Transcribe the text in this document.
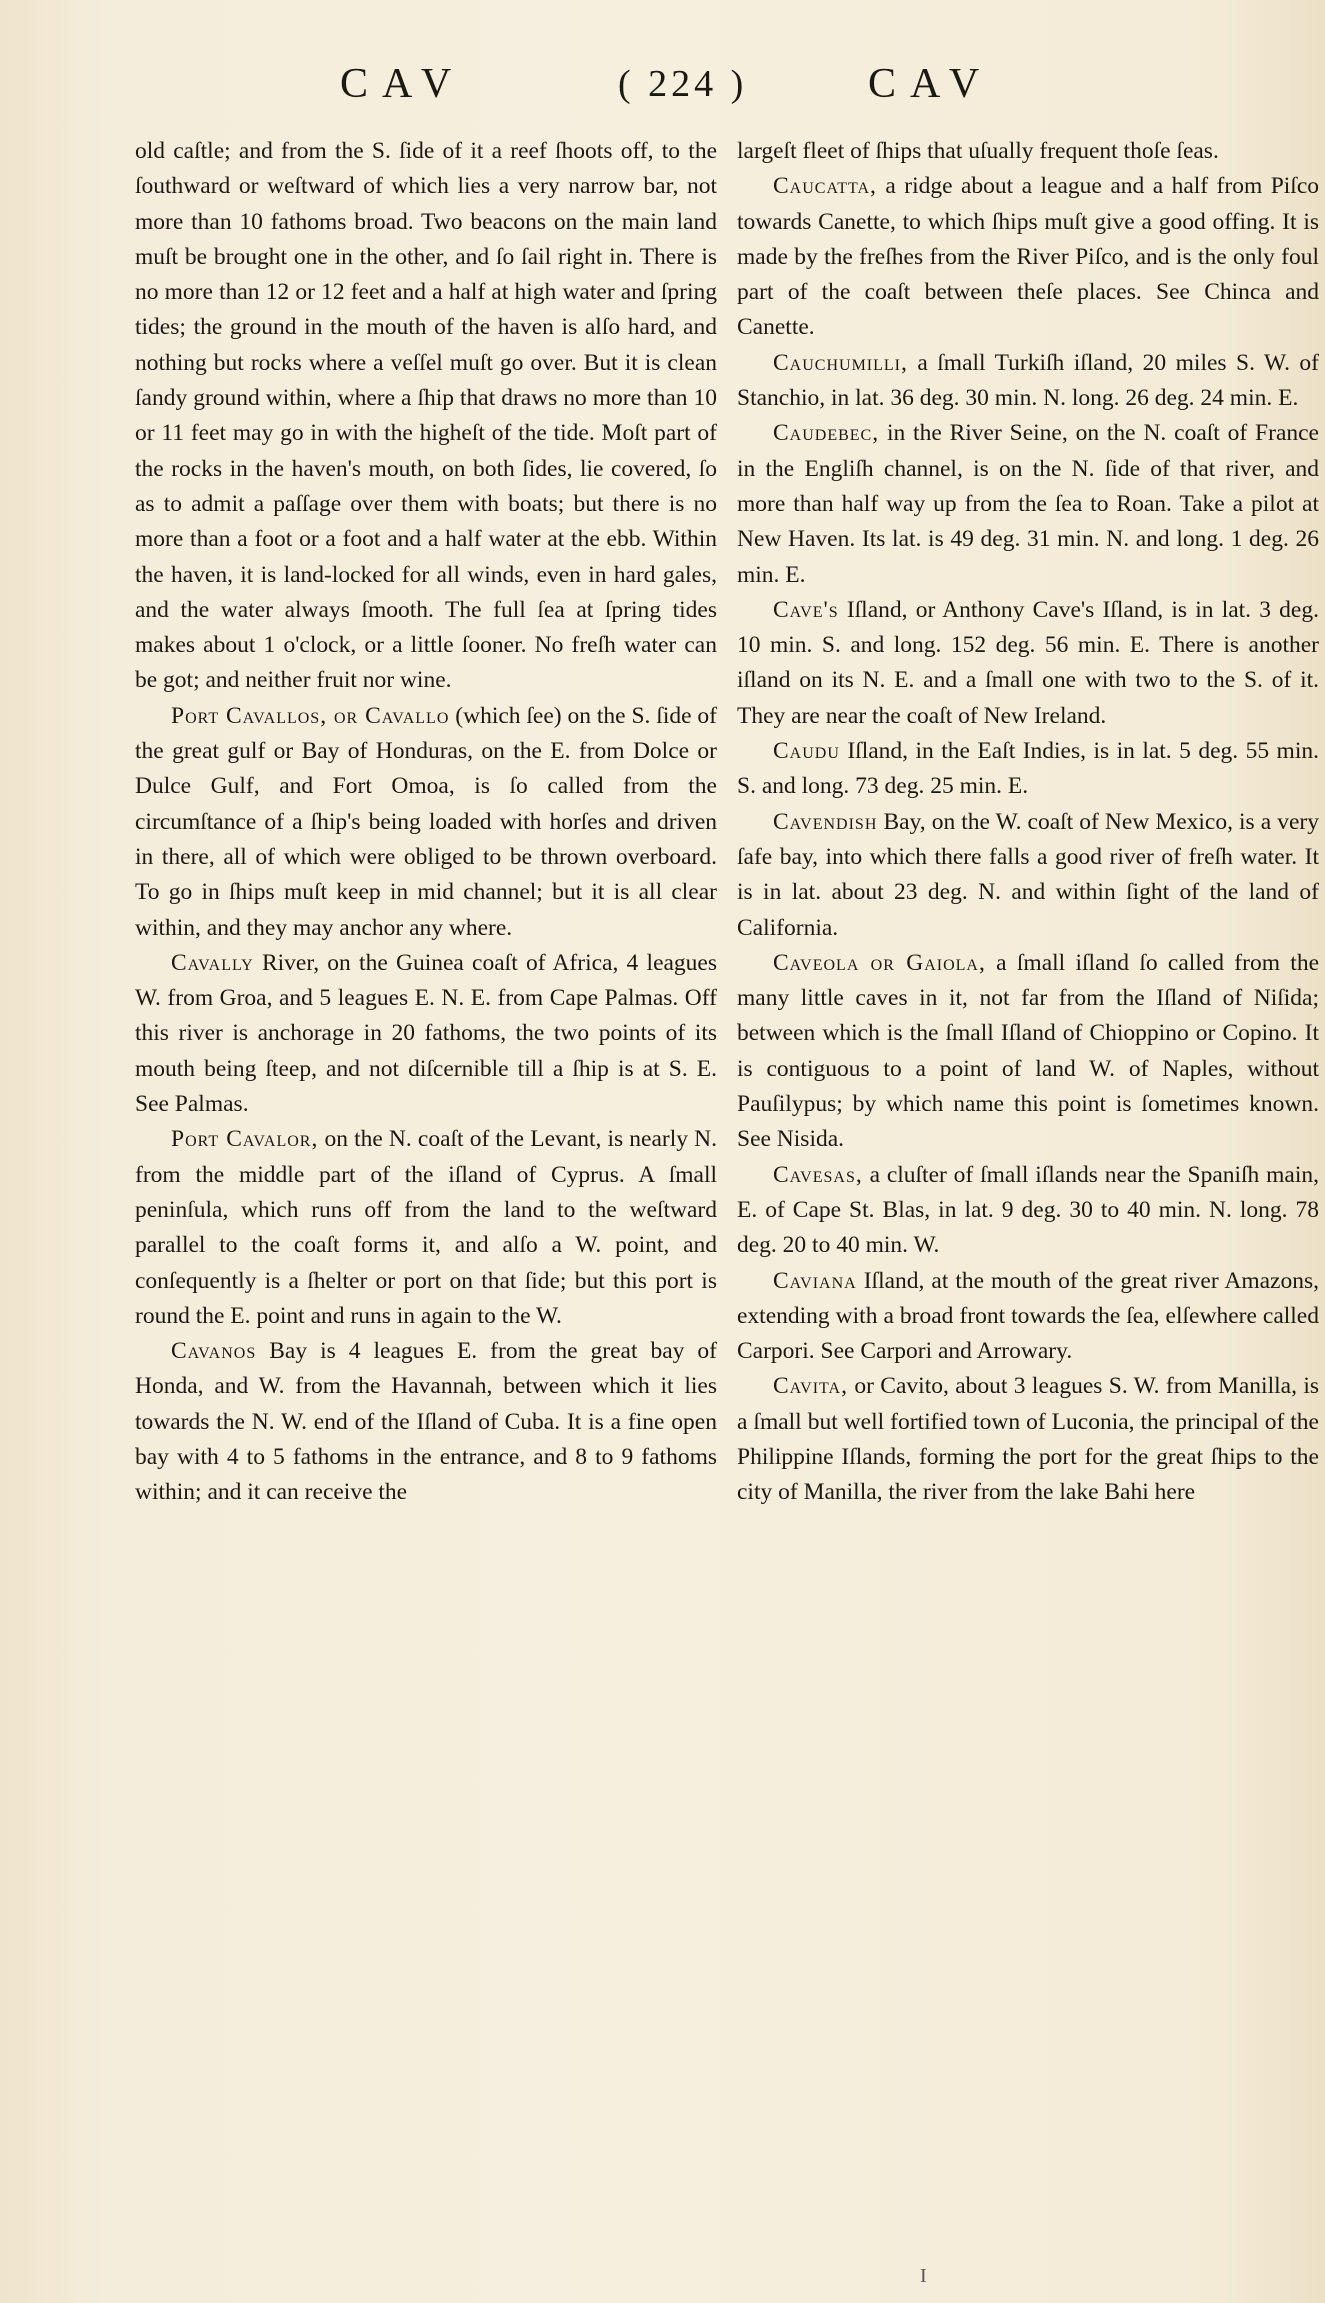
CAV	( 224 )	CAV

old caſtle; and from the S. ſide of it a reef ſhoots off, to the ſouthward or weſtward of which lies a very narrow bar, not more than 10 fathoms broad. Two beacons on the main land muſt be brought one in the other, and ſo ſail right in. There is no more than 12 or 12 feet and a half at high water and ſpring tides; the ground in the mouth of the haven is alſo hard, and nothing but rocks where a veſſel muſt go over. But it is clean ſandy ground within, where a ſhip that draws no more than 10 or 11 feet may go in with the higheſt of the tide. Moſt part of the rocks in the haven's mouth, on both ſides, lie covered, ſo as to admit a paſſage over them with boats; but there is no more than a foot or a foot and a half water at the ebb. Within the haven, it is land-locked for all winds, even in hard gales, and the water always ſmooth. The full ſea at ſpring tides makes about 1 o'clock, or a little ſooner. No freſh water can be got; and neither fruit nor wine.

Port Cavallos, or Cavallo (which ſee) on the S. ſide of the great gulf or Bay of Honduras, on the E. from Dolce or Dulce Gulf, and Fort Omoa, is ſo called from the circumſtance of a ſhip's being loaded with horſes and driven in there, all of which were obliged to be thrown overboard. To go in ſhips muſt keep in mid channel; but it is all clear within, and they may anchor any where.

Cavally River, on the Guinea coaſt of Africa, 4 leagues W. from Groa, and 5 leagues E. N. E. from Cape Palmas. Off this river is anchorage in 20 fathoms, the two points of its mouth being ſteep, and not diſcernible till a ſhip is at S. E. See Palmas.

Port Cavalor, on the N. coaſt of the Levant, is nearly N. from the middle part of the iſland of Cyprus. A ſmall peninſula, which runs off from the land to the weſtward parallel to the coaſt forms it, and alſo a W. point, and conſequently is a ſhelter or port on that ſide; but this port is round the E. point and runs in again to the W.

Cavanos Bay is 4 leagues E. from the great bay of Honda, and W. from the Havannah, between which it lies towards the N. W. end of the Iſland of Cuba. It is a fine open bay with 4 to 5 fathoms in the entrance, and 8 to 9 fathoms within; and it can receive the

largeſt fleet of ſhips that uſually frequent thoſe ſeas.

Caucatta, a ridge about a league and a half from Piſco towards Canette, to which ſhips muſt give a good offing. It is made by the freſhes from the River Piſco, and is the only foul part of the coaſt between theſe places. See Chinca and Canette.

Cauchumilli, a ſmall Turkiſh iſland, 20 miles S. W. of Stanchio, in lat. 36 deg. 30 min. N. long. 26 deg. 24 min. E.

Caudebec, in the River Seine, on the N. coaſt of France in the Engliſh channel, is on the N. ſide of that river, and more than half way up from the ſea to Roan. Take a pilot at New Haven. Its lat. is 49 deg. 31 min. N. and long. 1 deg. 26 min. E.

Cave's Iſland, or Anthony Cave's Iſland, is in lat. 3 deg. 10 min. S. and long. 152 deg. 56 min. E. There is another iſland on its N. E. and a ſmall one with two to the S. of it. They are near the coaſt of New Ireland.

Caudu Iſland, in the Eaſt Indies, is in lat. 5 deg. 55 min. S. and long. 73 deg. 25 min. E.

Cavendish Bay, on the W. coaſt of New Mexico, is a very ſafe bay, into which there falls a good river of freſh water. It is in lat. about 23 deg. N. and within ſight of the land of California.

Caveola or Gaiola, a ſmall iſland ſo called from the many little caves in it, not far from the Iſland of Niſida; between which is the ſmall Iſland of Chioppino or Copino. It is contiguous to a point of land W. of Naples, without Pauſilypus; by which name this point is ſometimes known. See Nisida.

Cavesas, a cluſter of ſmall iſlands near the Spaniſh main, E. of Cape St. Blas, in lat. 9 deg. 30 to 40 min. N. long. 78 deg. 20 to 40 min. W.

Caviana Iſland, at the mouth of the great river Amazons, extending with a broad front towards the ſea, elſewhere called Carpori. See Carpori and Arrowary.

Cavita, or Cavito, about 3 leagues S. W. from Manilla, is a ſmall but well fortified town of Luconia, the principal of the Philippine Iſlands, forming the port for the great ſhips to the city of Manilla, the river from the lake Bahi here

I
